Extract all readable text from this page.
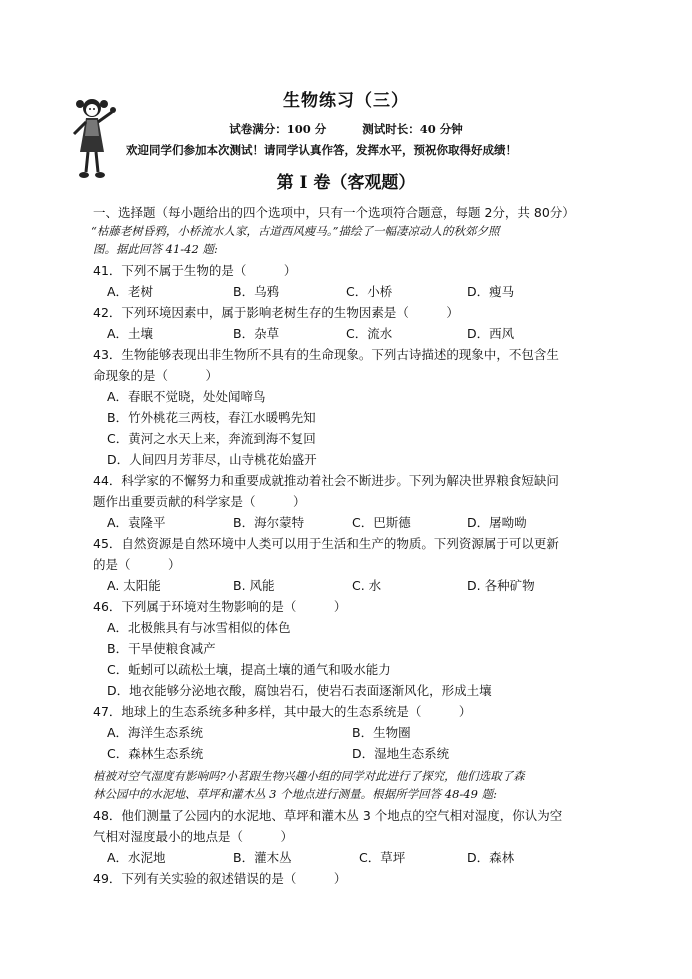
生物练习（三）
试卷满分：100 分	测试时长：40 分钟
欢迎同学们参加本次测试！请同学认真作答，发挥水平，预祝你取得好成绩！
第 I 卷（客观题）
一、选择题（每小题给出的四个选项中，只有一个选项符合题意，每题 2分，共 80分）
“枯藤老树昏鸦，小桥流水人家，古道西风瘦马。”描绘了一幅凄凉动人的秋郊夕照
图。据此回答 41-42 题:
41．下列不属于生物的是（　　　）
A．老树	B．乌鸦	C．小桥	D．瘦马
42．下列环境因素中，属于影响老树生存的生物因素是（　　　）
A．土壤	B．杂草	C．流水	D．西风
43．生物能够表现出非生物所不具有的生命现象。下列古诗描述的现象中，不包含生
命现象的是（　　　）
A．春眠不觉晓，处处闻啼鸟
B．竹外桃花三两枝，春江水暖鸭先知
C．黄河之水天上来，奔流到海不复回
D．人间四月芳菲尽，山寺桃花始盛开
44．科学家的不懈努力和重要成就推动着社会不断进步。下列为解决世界粮食短缺问
题作出重要贡献的科学家是（　　　）
A．袁隆平	B．海尔蒙特	C．巴斯德	D．屠呦呦
45．自然资源是自然环境中人类可以用于生活和生产的物质。下列资源属于可以更新
的是（　　　）
A. 太阳能	B. 风能	C. 水	D. 各种矿物
46．下列属于环境对生物影响的是（　　　）
A．北极熊具有与冰雪相似的体色
B．干旱使粮食减产
C．蚯蚓可以疏松土壤，提高土壤的通气和吸水能力
D．地衣能够分泌地衣酸，腐蚀岩石，使岩石表面逐渐风化，形成土壤
47．地球上的生态系统多种多样，其中最大的生态系统是（　　　）
A．海洋生态系统	B．生物圈
C．森林生态系统	D．湿地生态系统
植被对空气湿度有影响吗?小茗跟生物兴趣小组的同学对此进行了探究，他们选取了森
林公园中的水泥地、草坪和灌木丛 3 个地点进行测量。根据所学回答 48-49 题:
48．他们测量了公园内的水泥地、草坪和灌木丛 3 个地点的空气相对湿度，你认为空
气相对湿度最小的地点是（　　　）
A．水泥地	B．灌木丛	C．草坪	D．森林
49．下列有关实验的叙述错误的是（　　　）
